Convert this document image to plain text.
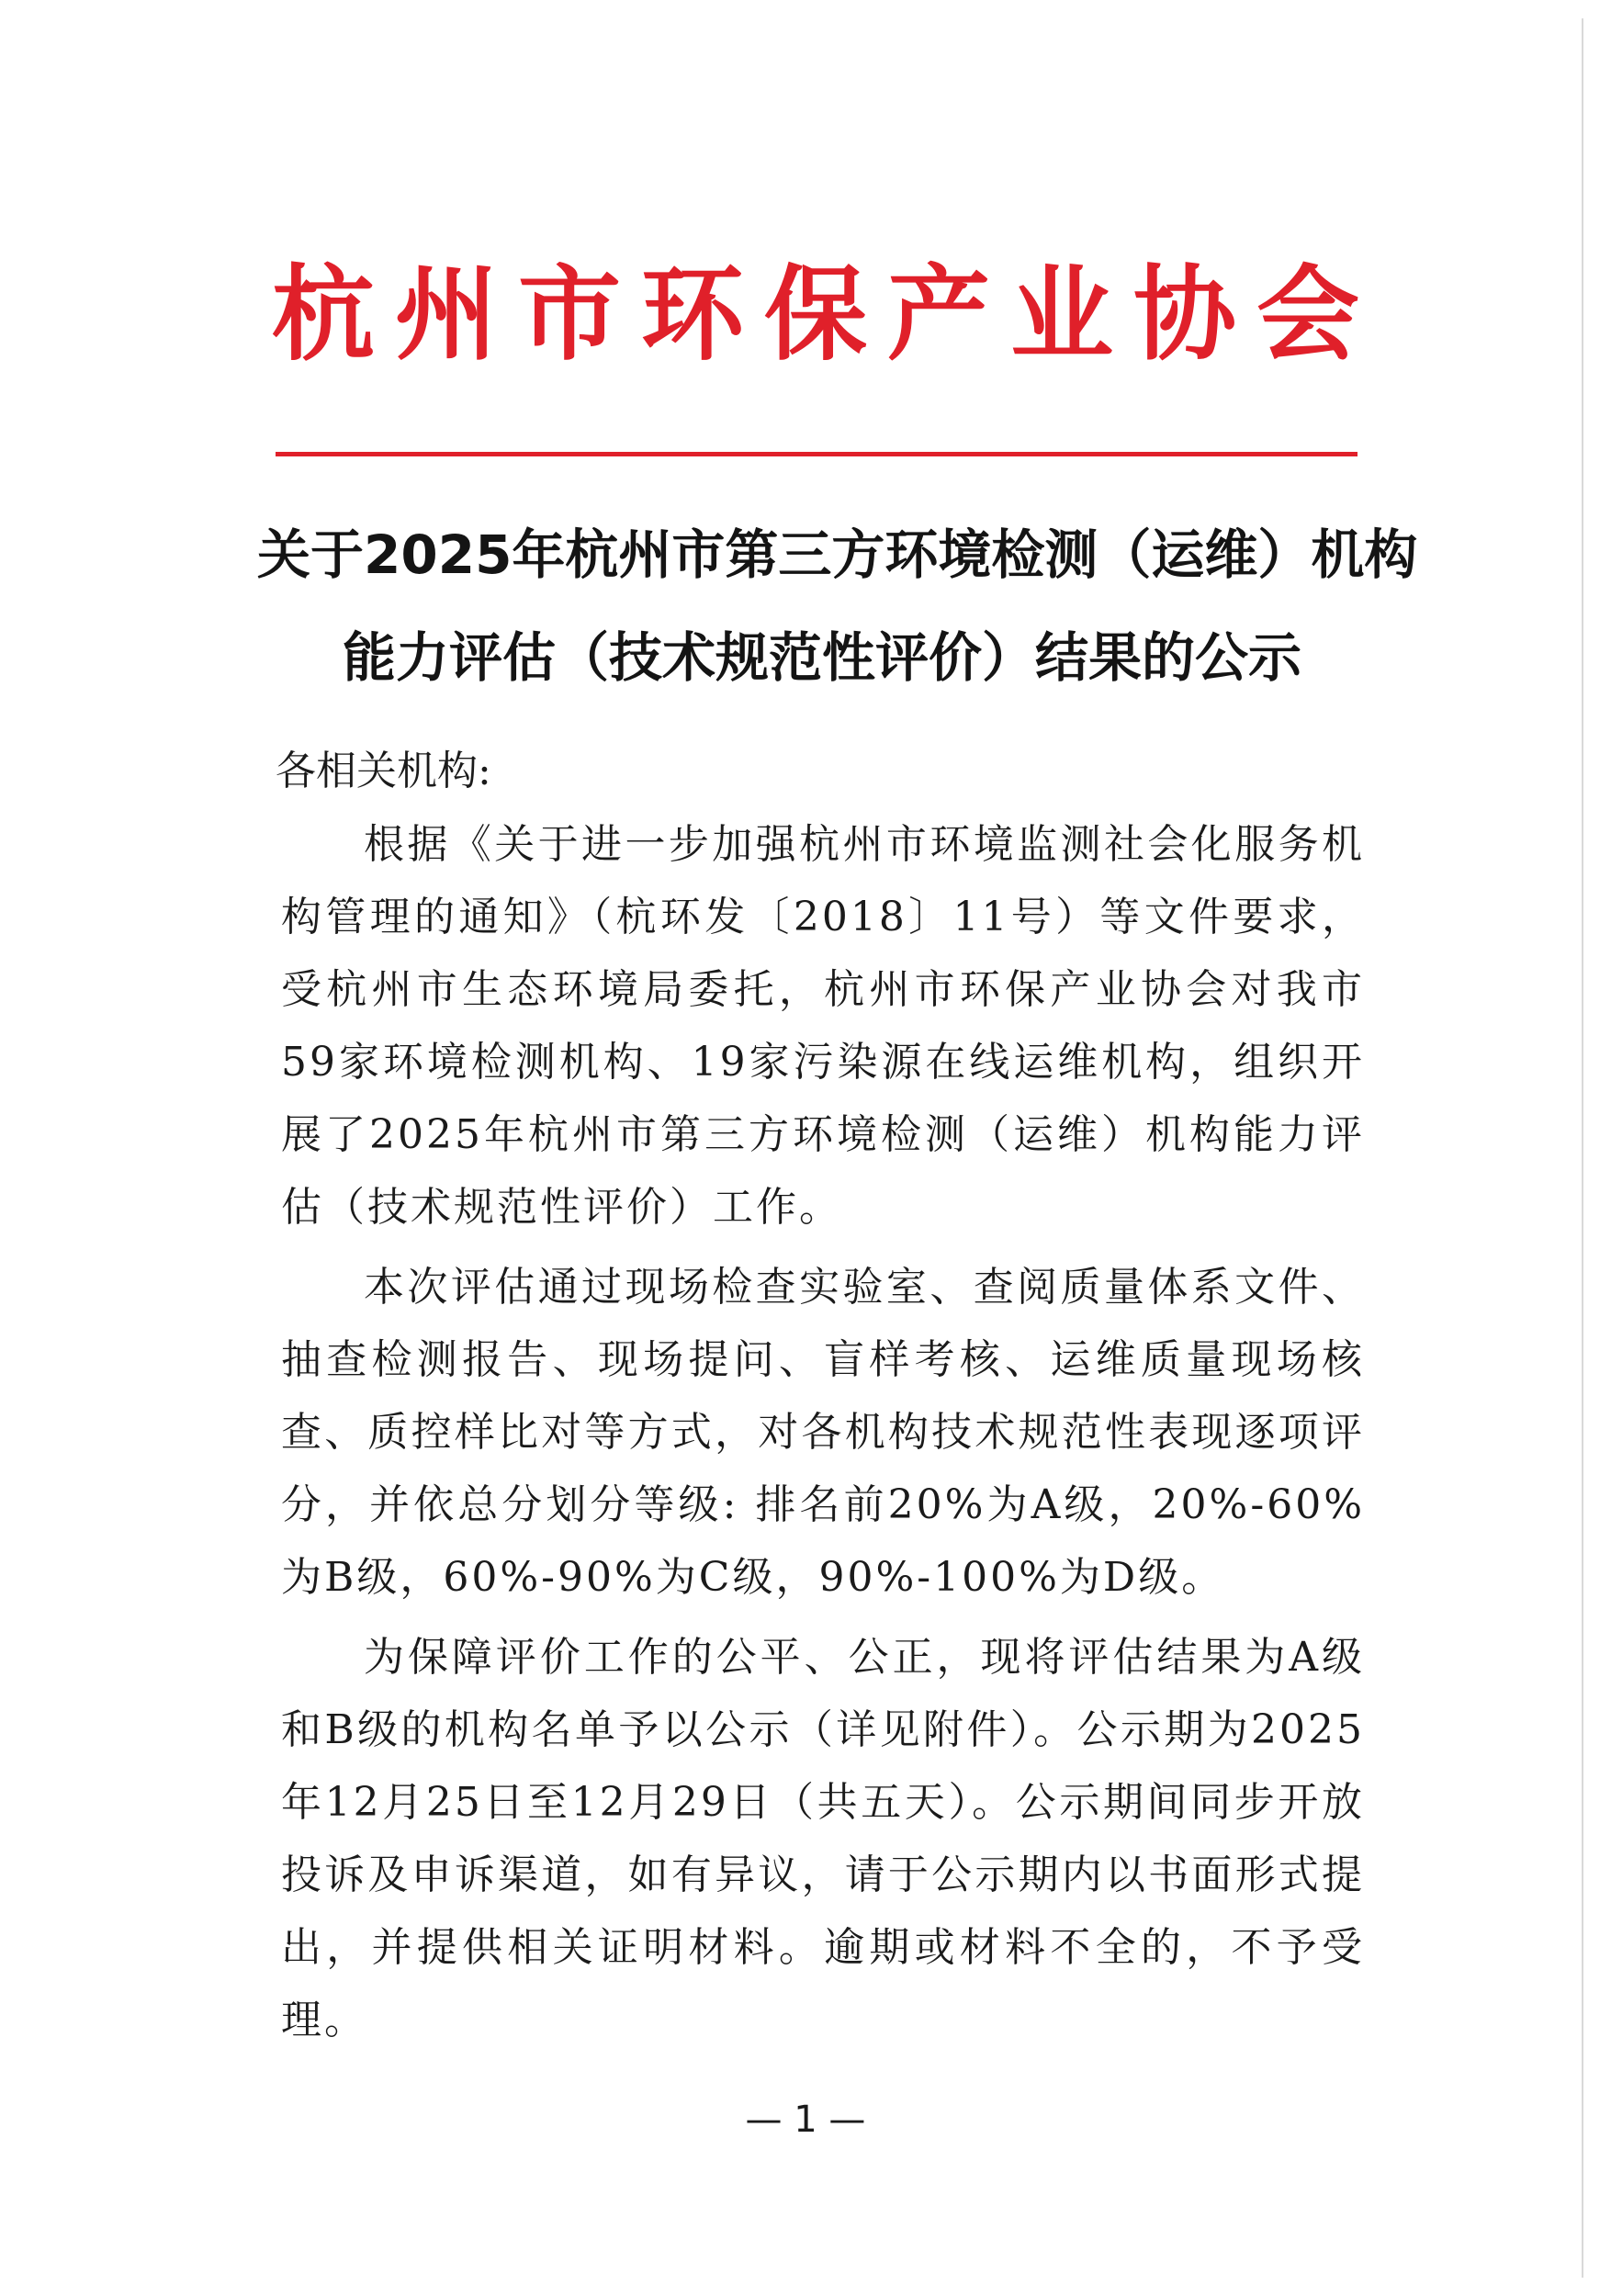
杭州市环保产业协会
关于2025年杭州市第三方环境检测（运维）机构
能力评估（技术规范性评价）结果的公示
各相关机构:
根据《关于进一步加强杭州市环境监测社会化服务机构管理的通知》（杭环发〔2018〕11号）等文件要求，受杭州市生态环境局委托，杭州市环保产业协会对我市59家环境检测机构、19家污染源在线运维机构，组织开展了2025年杭州市第三方环境检测（运维）机构能力评估（技术规范性评价）工作。
本次评估通过现场检查实验室、查阅质量体系文件、抽查检测报告、现场提问、盲样考核、运维质量现场核查、质控样比对等方式，对各机构技术规范性表现逐项评分，并依总分划分等级: 排名前20%为A级，20%-60%为B级，60%-90%为C级，90%-100%为D级。
为保障评价工作的公平、公正，现将评估结果为A级和B级的机构名单予以公示（详见附件）。公示期为2025年12月25日至12月29日（共五天）。公示期间同步开放投诉及申诉渠道，如有异议，请于公示期内以书面形式提出，并提供相关证明材料。逾期或材料不全的，不予受理。
— 1 —
